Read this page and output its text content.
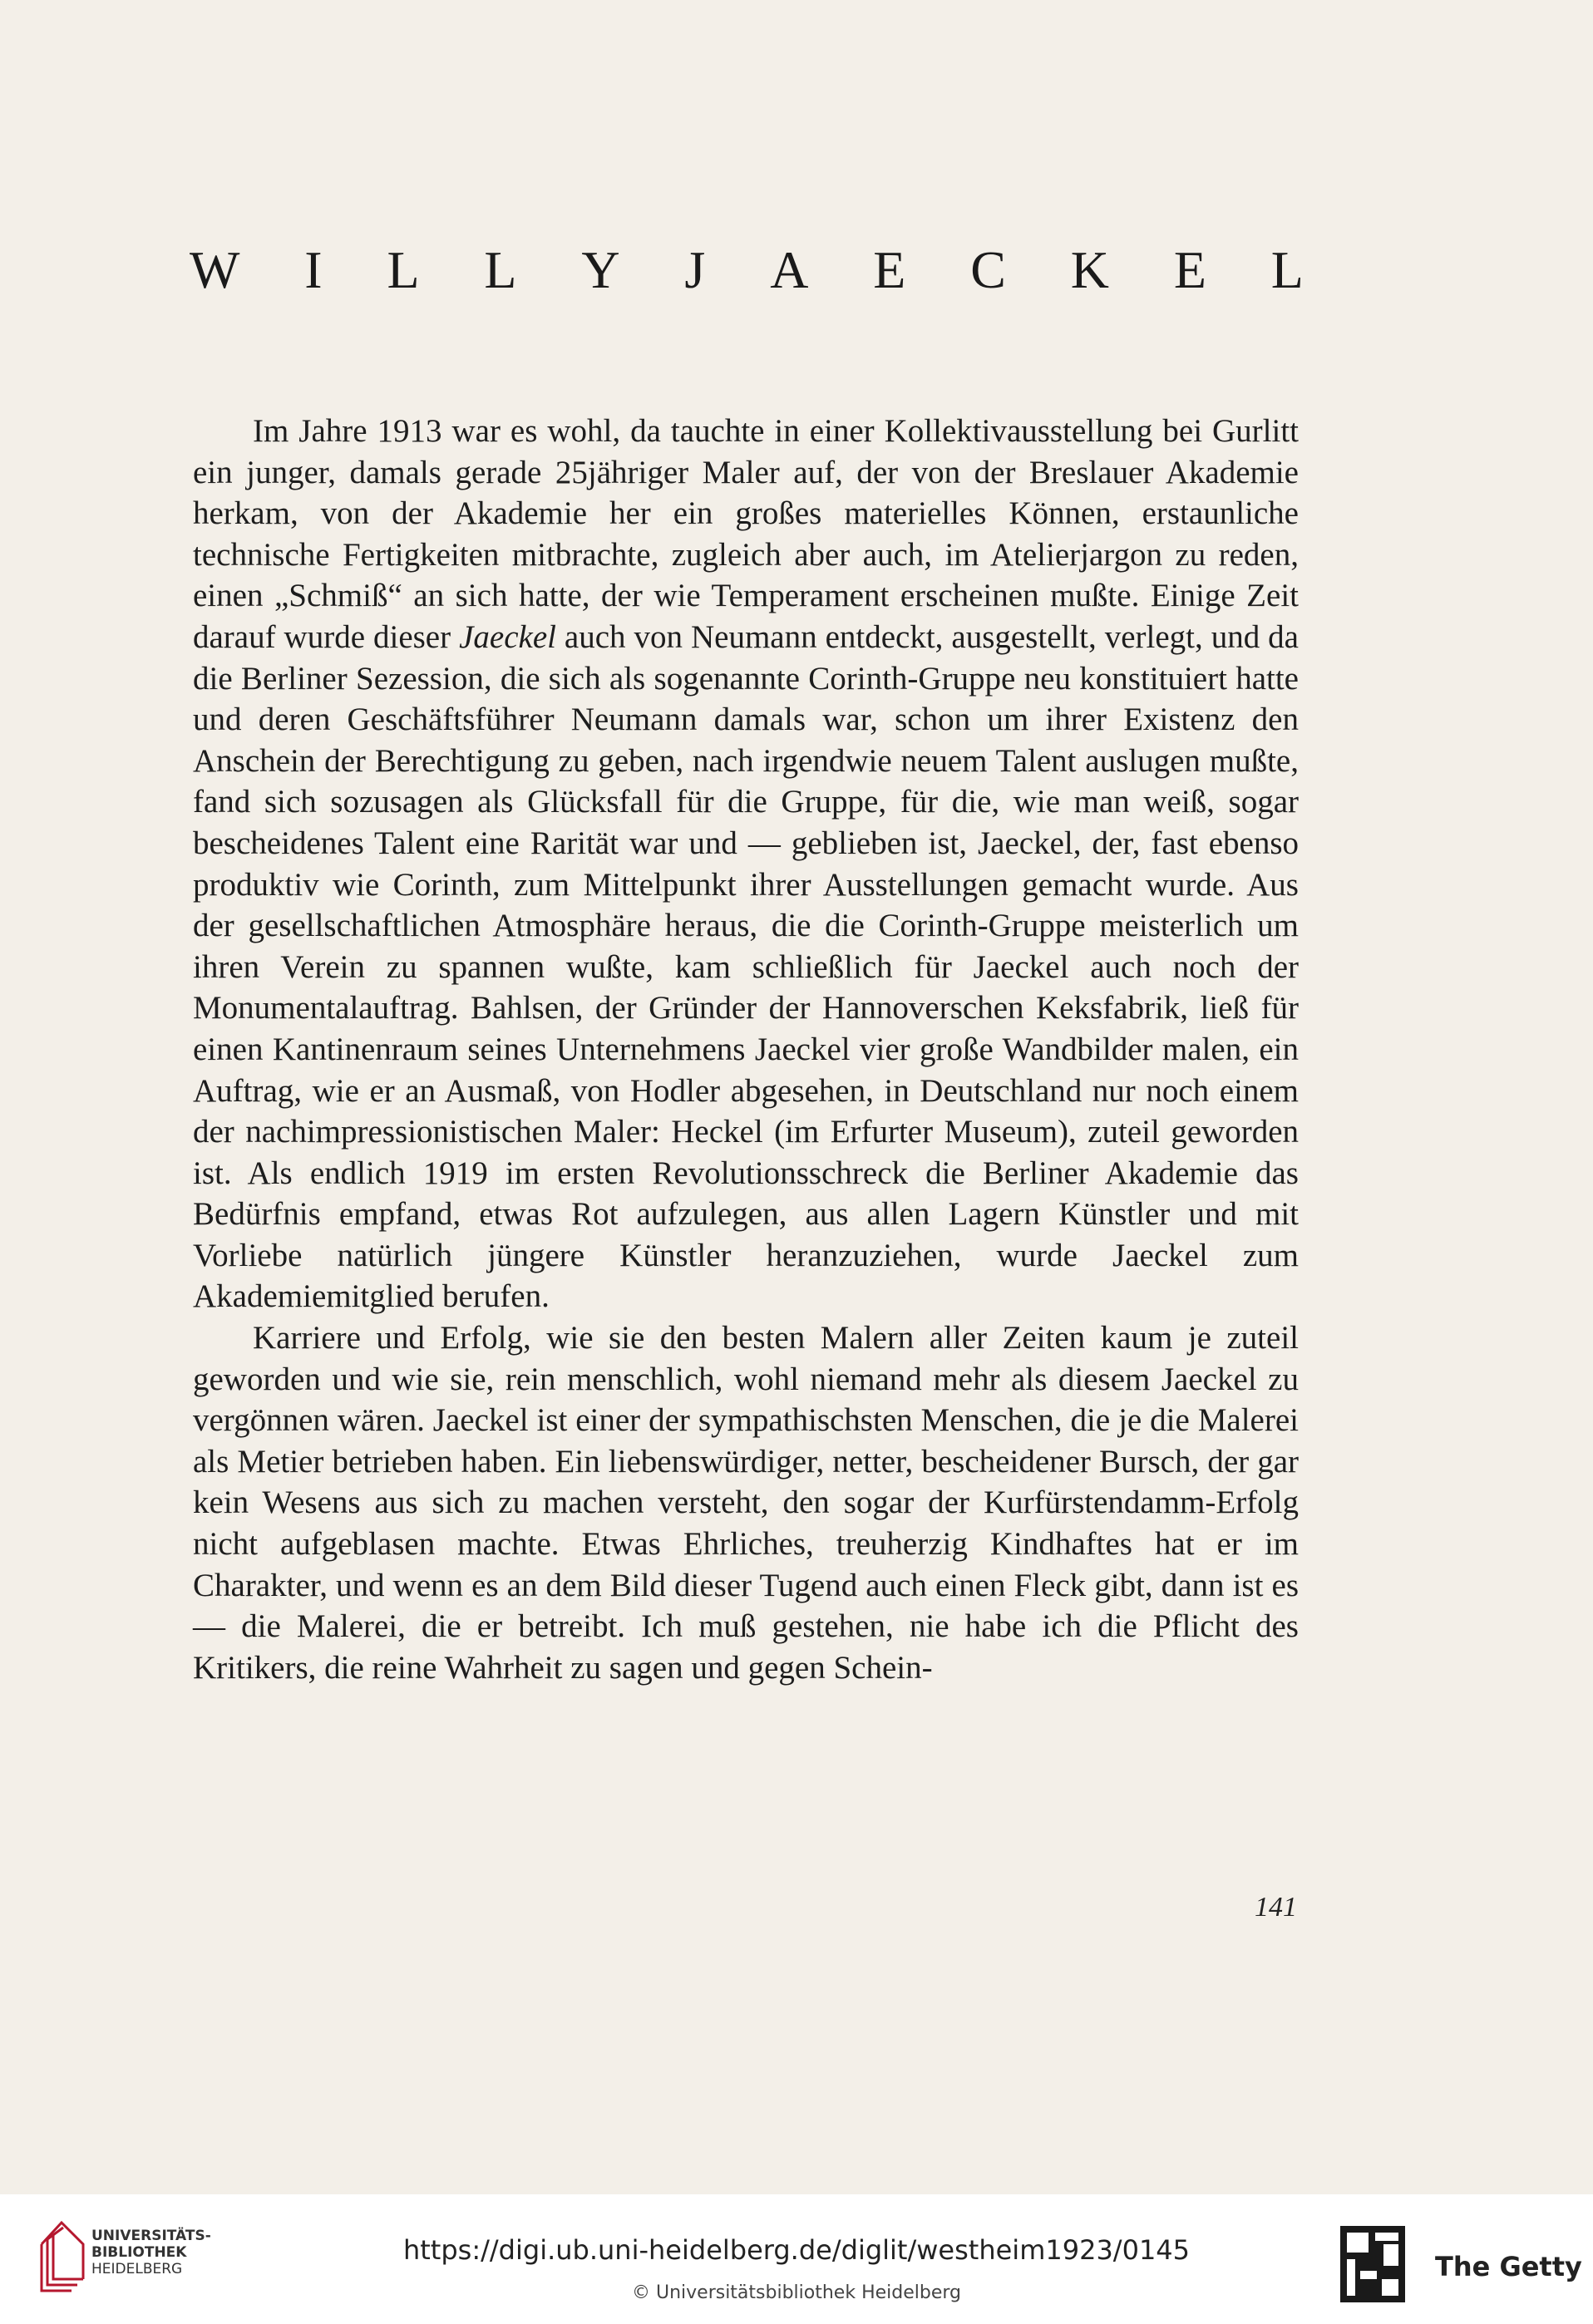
W I L L Y J A E C K E L

Im Jahre 1913 war es wohl, da tauchte in einer Kollektivausstellung bei Gurlitt ein junger, damals gerade 25jähriger Maler auf, der von der Breslauer Akademie herkam, von der Akademie her ein großes materielles Können, erstaunliche technische Fertigkeiten mitbrachte, zugleich aber auch, im Atelierjargon zu reden, einen „Schmiß“ an sich hatte, der wie Temperament erscheinen mußte. Einige Zeit darauf wurde dieser Jaeckel auch von Neumann entdeckt, ausgestellt, verlegt, und da die Berliner Sezession, die sich als sogenannte Corinth-Gruppe neu konstituiert hatte und deren Geschäftsführer Neumann damals war, schon um ihrer Existenz den Anschein der Berechtigung zu geben, nach irgendwie neuem Talent auslugen mußte, fand sich sozusagen als Glücksfall für die Gruppe, für die, wie man weiß, sogar bescheidenes Talent eine Rarität war und — geblieben ist, Jaeckel, der, fast ebenso produktiv wie Corinth, zum Mittelpunkt ihrer Ausstellungen gemacht wurde. Aus der gesellschaftlichen Atmosphäre heraus, die die Corinth-Gruppe meisterlich um ihren Verein zu spannen wußte, kam schließlich für Jaeckel auch noch der Monumentalauftrag. Bahlsen, der Gründer der Hannoverschen Keksfabrik, ließ für einen Kantinenraum seines Unternehmens Jaeckel vier große Wandbilder malen, ein Auftrag, wie er an Ausmaß, von Hodler abgesehen, in Deutschland nur noch einem der nachimpressionistischen Maler: Heckel (im Erfurter Museum), zuteil geworden ist. Als endlich 1919 im ersten Revolutionsschreck die Berliner Akademie das Bedürfnis empfand, etwas Rot aufzulegen, aus allen Lagern Künstler und mit Vorliebe natürlich jüngere Künstler heranzuziehen, wurde Jaeckel zum Akademiemitglied berufen.

Karriere und Erfolg, wie sie den besten Malern aller Zeiten kaum je zuteil geworden und wie sie, rein menschlich, wohl niemand mehr als diesem Jaeckel zu vergönnen wären. Jaeckel ist einer der sympathischsten Menschen, die je die Malerei als Metier betrieben haben. Ein liebenswürdiger, netter, bescheidener Bursch, der gar kein Wesens aus sich zu machen versteht, den sogar der Kurfürstendamm-Erfolg nicht aufgeblasen machte. Etwas Ehrliches, treuherzig Kindhaftes hat er im Charakter, und wenn es an dem Bild dieser Tugend auch einen Fleck gibt, dann ist es — die Malerei, die er betreibt. Ich muß gestehen, nie habe ich die Pflicht des Kritikers, die reine Wahrheit zu sagen und gegen Schein-

141
UNIVERSITÄTS-
BIBLIOTHEK
HEIDELBERG
https://digi.ub.uni-heidelberg.de/diglit/westheim1923/0145
© Universitätsbibliothek Heidelberg
The Getty
